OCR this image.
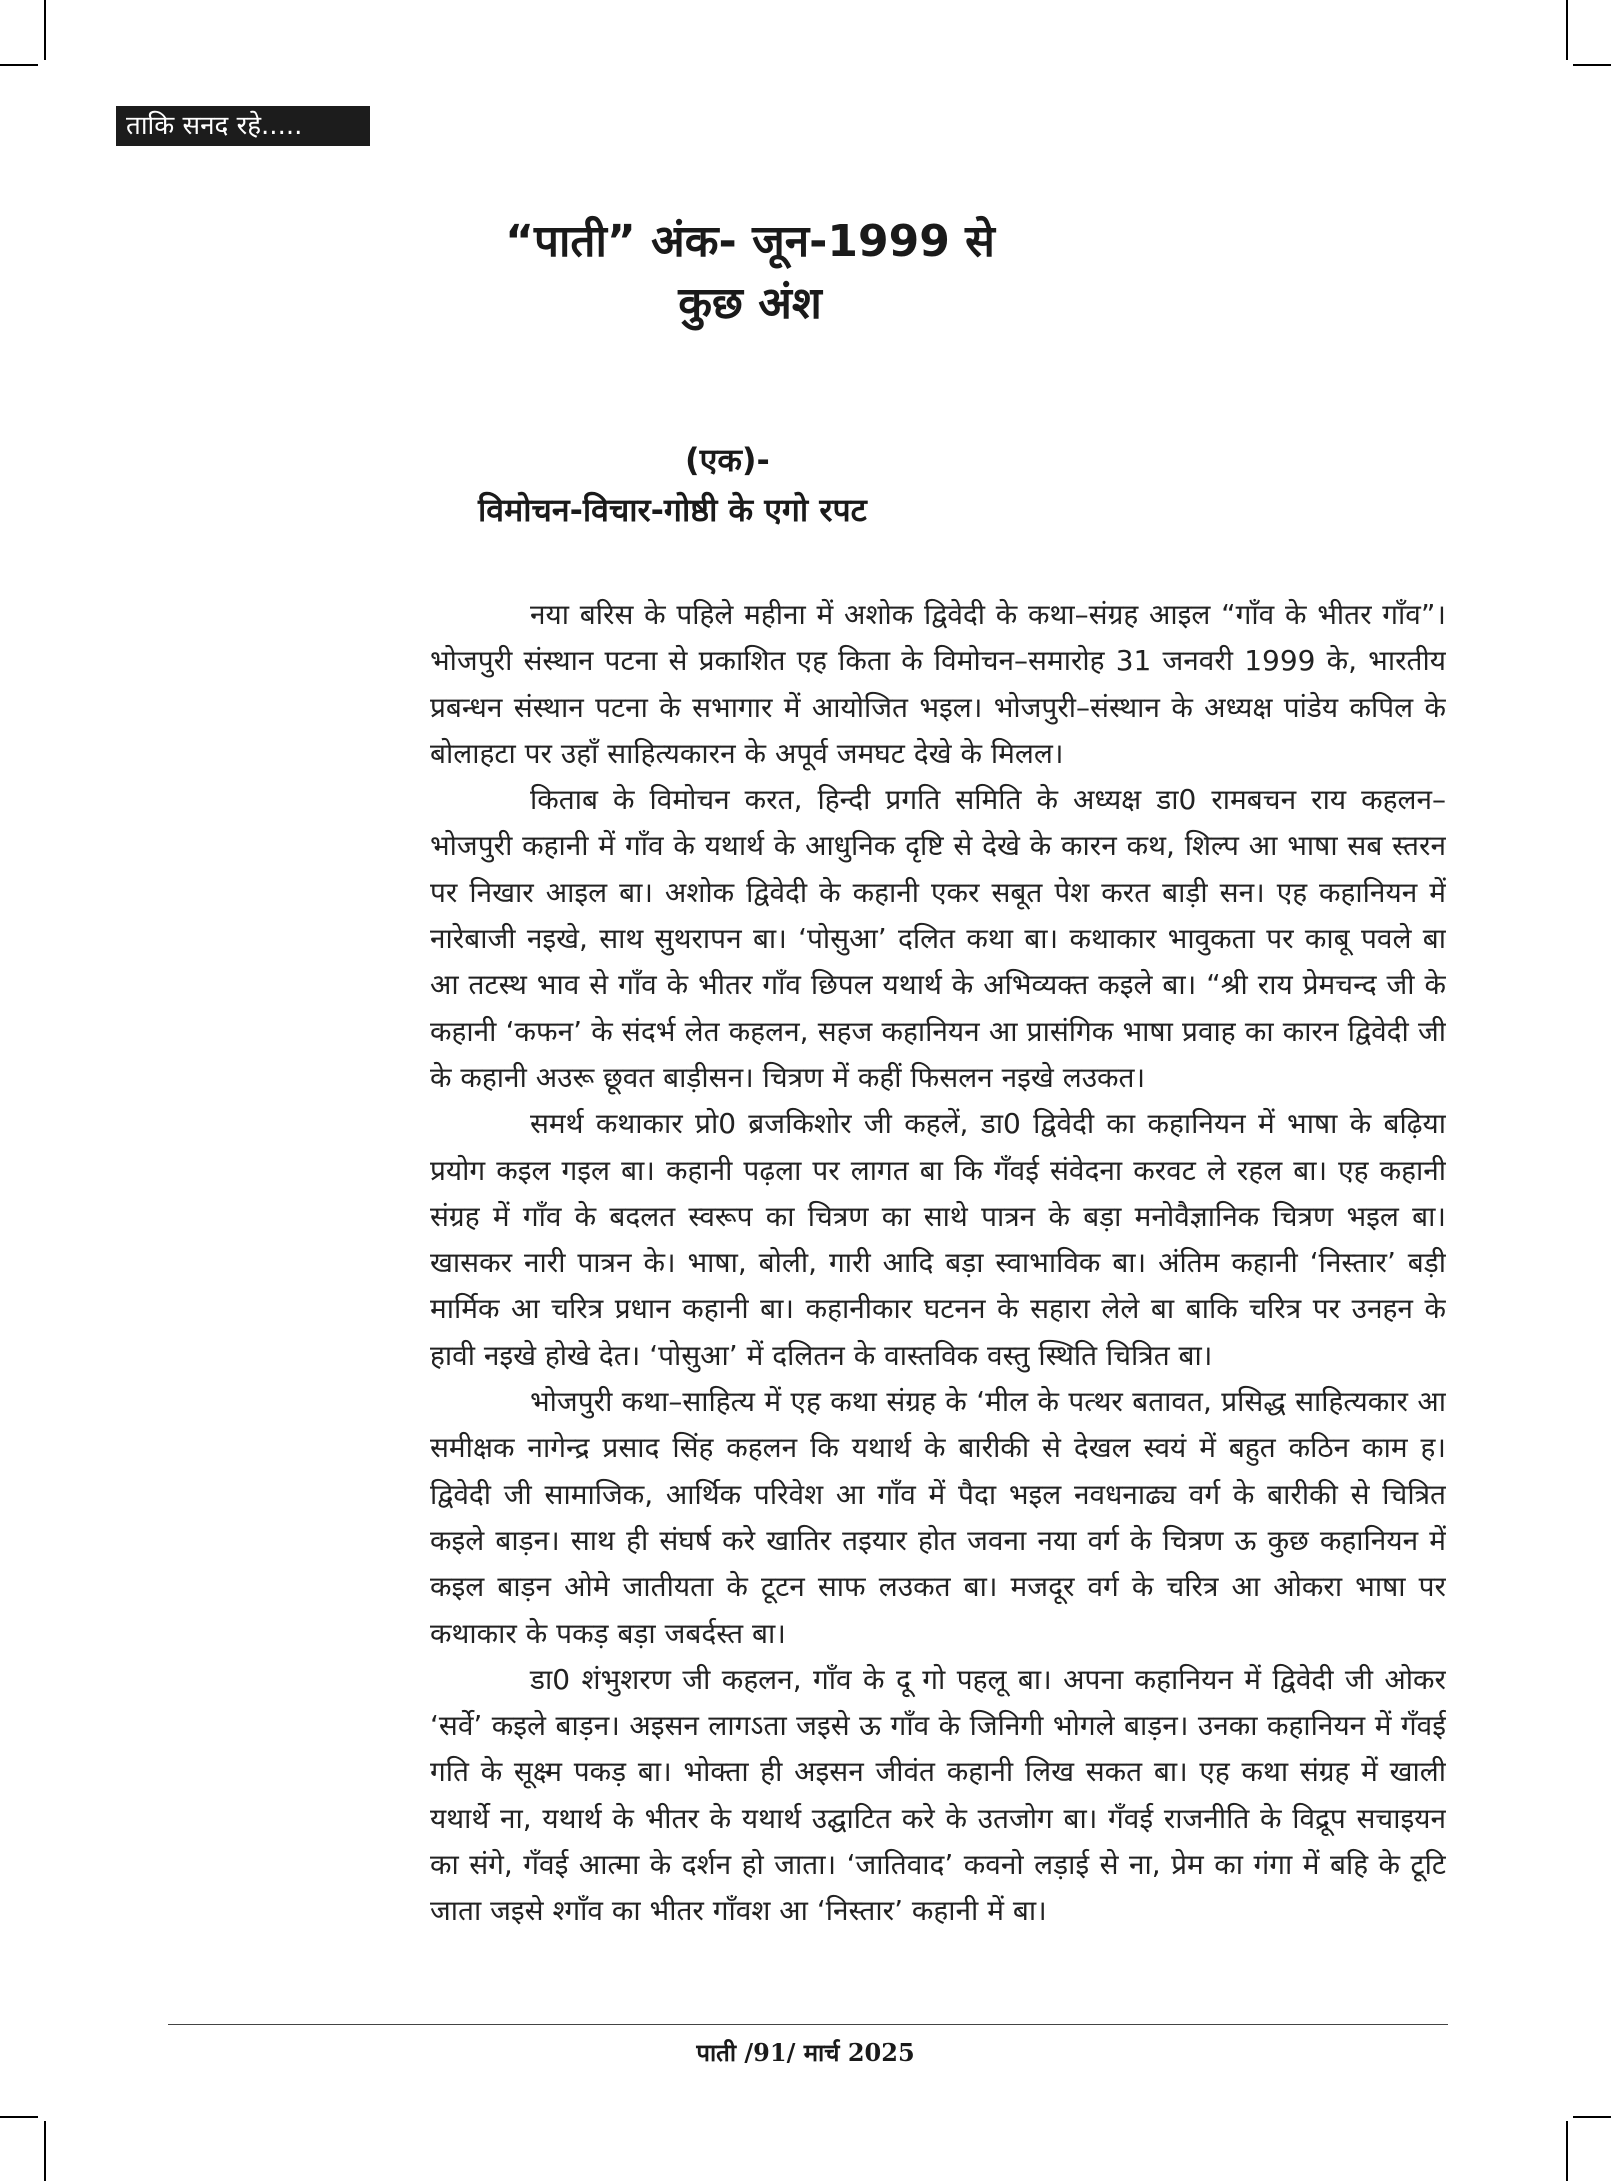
ताकि सनद रहे.....
“पाती” अंक- जून-1999 से
कुछ अंश
(एक)-
विमोचन-विचार-गोष्ठी के एगो रपट

नया बरिस के पहिले महीना में अशोक द्विवेदी के कथा–संग्रह आइल “गाँव के भीतर गाँव”। भोजपुरी संस्थान पटना से प्रकाशित एह किता के विमोचन–समारोह 31 जनवरी 1999 के, भारतीय प्रबन्धन संस्थान पटना के सभागार में आयोजित भइल। भोजपुरी–संस्थान के अध्यक्ष पांडेय कपिल के बोलाहटा पर उहाँ साहित्यकारन के अपूर्व जमघट देखे के मिलल।

किताब के विमोचन करत, हिन्दी प्रगति समिति के अध्यक्ष डा0 रामबचन राय कहलन– भोजपुरी कहानी में गाँव के यथार्थ के आधुनिक दृष्टि से देखे के कारन कथ, शिल्प आ भाषा सब स्तरन पर निखार आइल बा। अशोक द्विवेदी के कहानी एकर सबूत पेश करत बाड़ी सन। एह कहानियन में नारेबाजी नइखे, साथ सुथरापन बा। ‘पोसुआ’ दलित कथा बा। कथाकार भावुकता पर काबू पवले बा आ तटस्थ भाव से गाँव के भीतर गाँव छिपल यथार्थ के अभिव्यक्त कइले बा। “श्री राय प्रेमचन्द जी के कहानी ‘कफन’ के संदर्भ लेत कहलन, सहज कहानियन आ प्रासंगिक भाषा प्रवाह का कारन द्विवेदी जी के कहानी अउरू छूवत बाड़ीसन। चित्रण में कहीं फिसलन नइखे लउकत।

समर्थ कथाकार प्रो0 ब्रजकिशोर जी कहलें, डा0 द्विवेदी का कहानियन में भाषा के बढ़िया प्रयोग कइल गइल बा। कहानी पढ़ला पर लागत बा कि गँवई संवेदना करवट ले रहल बा। एह कहानी संग्रह में गाँव के बदलत स्वरूप का चित्रण का साथे पात्रन के बड़ा मनोवैज्ञानिक चित्रण भइल बा। खासकर नारी पात्रन के। भाषा, बोली, गारी आदि बड़ा स्वाभाविक बा। अंतिम कहानी ‘निस्तार’ बड़ी मार्मिक आ चरित्र प्रधान कहानी बा। कहानीकार घटनन के सहारा लेले बा बाकि चरित्र पर उनहन के हावी नइखे होखे देत। ‘पोसुआ’ में दलितन के वास्तविक वस्तु स्थिति चित्रित बा।

भोजपुरी कथा–साहित्य में एह कथा संग्रह के ‘मील के पत्थर बतावत, प्रसिद्ध साहित्यकार आ समीक्षक नागेन्द्र प्रसाद सिंह कहलन कि यथार्थ के बारीकी से देखल स्वयं में बहुत कठिन काम ह। द्विवेदी जी सामाजिक, आर्थिक परिवेश आ गाँव में पैदा भइल नवधनाढ्य वर्ग के बारीकी से चित्रित कइले बाड़न। साथ ही संघर्ष करे खातिर तइयार होत जवना नया वर्ग के चित्रण ऊ कुछ कहानियन में कइल बाड़न ओमे जातीयता के टूटन साफ लउकत बा। मजदूर वर्ग के चरित्र आ ओकरा भाषा पर कथाकार के पकड़ बड़ा जबर्दस्त बा।

डा0 शंभुशरण जी कहलन, गाँव के दू गो पहलू बा। अपना कहानियन में द्विवेदी जी ओकर ‘सर्वे’ कइले बाड़न। अइसन लागऽता जइसे ऊ गाँव के जिनिगी भोगले बाड़न। उनका कहानियन में गँवई गति के सूक्ष्म पकड़ बा। भोक्ता ही अइसन जीवंत कहानी लिख सकत बा। एह कथा संग्रह में खाली यथार्थे ना, यथार्थ के भीतर के यथार्थ उद्घाटित करे के उतजोग बा। गँवई राजनीति के विद्रूप सचाइयन का संगे, गँवई आत्मा के दर्शन हो जाता। ‘जातिवाद’ कवनो लड़ाई से ना, प्रेम का गंगा में बहि के टूटि जाता जइसे श्गाँव का भीतर गाँवश आ ‘निस्तार’ कहानी में बा।

पाती /91/ मार्च 2025
